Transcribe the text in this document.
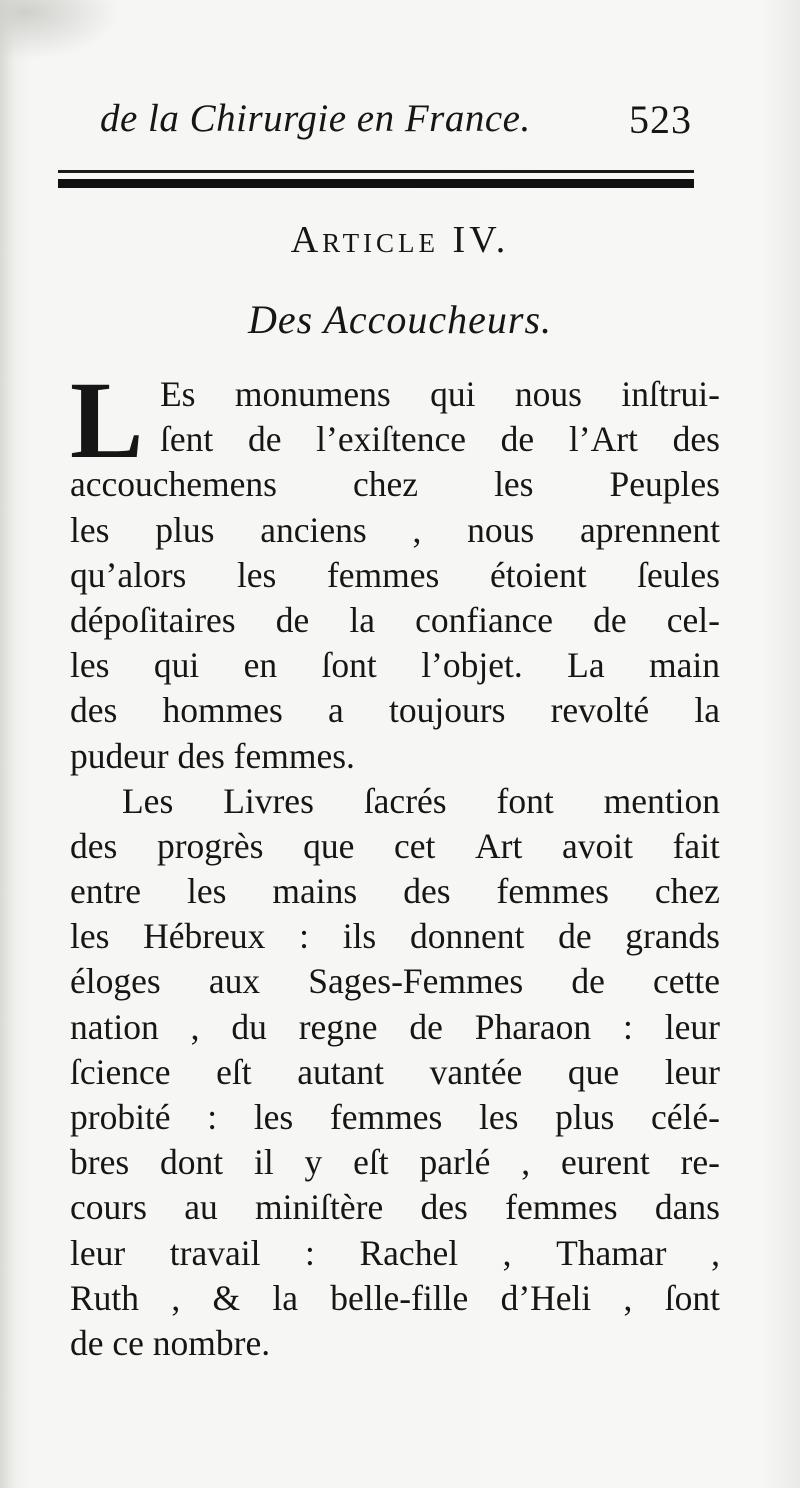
de la Chirurgie en France. 523
Article IV.
Des Accoucheurs.
L Es monumens qui nous inſtrui-
ſent de l’exiſtence de l’Art des
accouchemens chez les Peuples
les plus anciens , nous aprennent
qu’alors les femmes étoient ſeules
dépoſitaires de la confiance de cel-
les qui en ſont l’objet. La main
des hommes a toujours revolté la
pudeur des femmes.
Les Livres ſacrés font mention
des progrès que cet Art avoit fait
entre les mains des femmes chez
les Hébreux : ils donnent de grands
éloges aux Sages-Femmes de cette
nation , du regne de Pharaon : leur
ſcience eſt autant vantée que leur
probité : les femmes les plus célé-
bres dont il y eſt parlé , eurent re-
cours au miniſtère des femmes dans
leur travail : Rachel , Thamar ,
Ruth , & la belle-fille d’Heli , ſont
de ce nombre.
